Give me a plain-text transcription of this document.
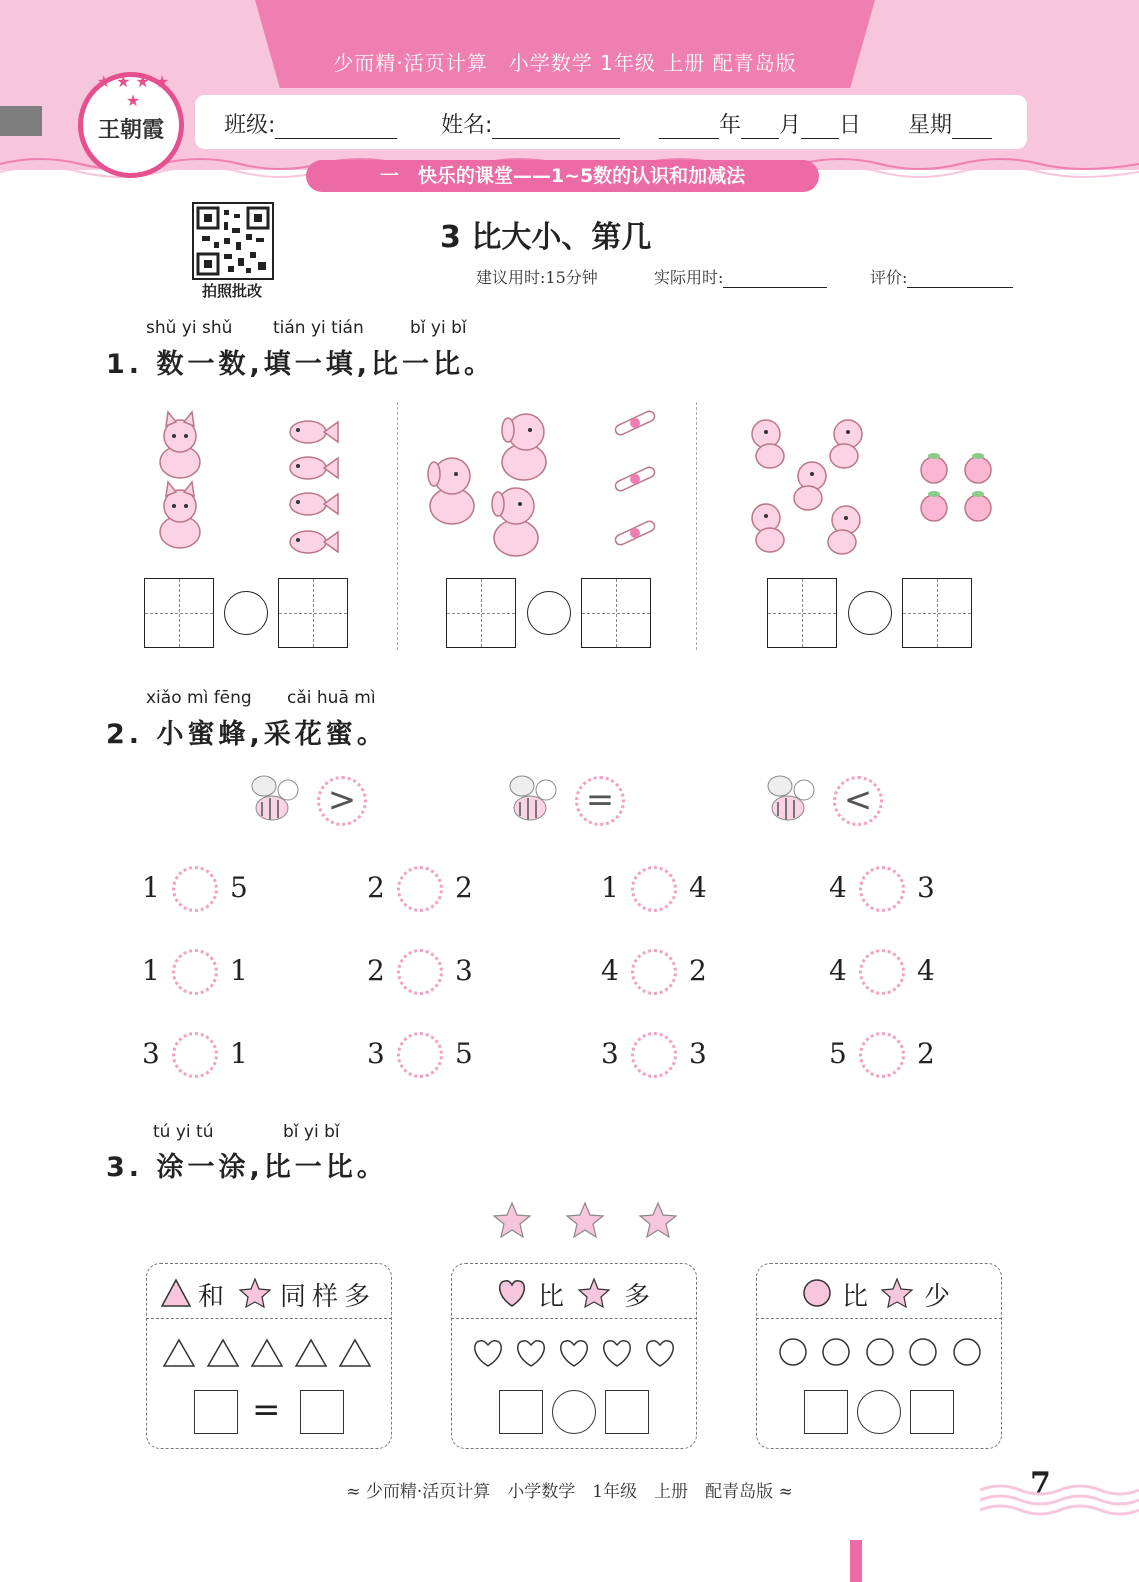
少而精·活页计算　小学数学 1年级 上册 配青岛版
★ ★ ★ ★ ★
王朝霞	班级:	姓名:	年 月 日 星期
一　快乐的课堂——1~5数的认识和加减法
拍照批改
3 比大小、第几
建议用时:15分钟	实际用时:	评价:
shǔ yi shǔ tián yi tián	bǐ yi bǐ
1. 数一数,填一填,比一比。
xiǎo mì fēng cǎi huā mì
2. 小蜜蜂,采花蜜。
>	=	<
1	5	2	2	1	4	4	3
1	1	2	3	4	2	4	4
3	1	3	5	3	3	5	2
tú yi tú	bǐ yi bǐ
3. 涂一涂,比一比。
和 同样多
=
比 多	比 少
≈ 少而精·活页计算　小学数学　1年级　上册　配青岛版 ≈	7
